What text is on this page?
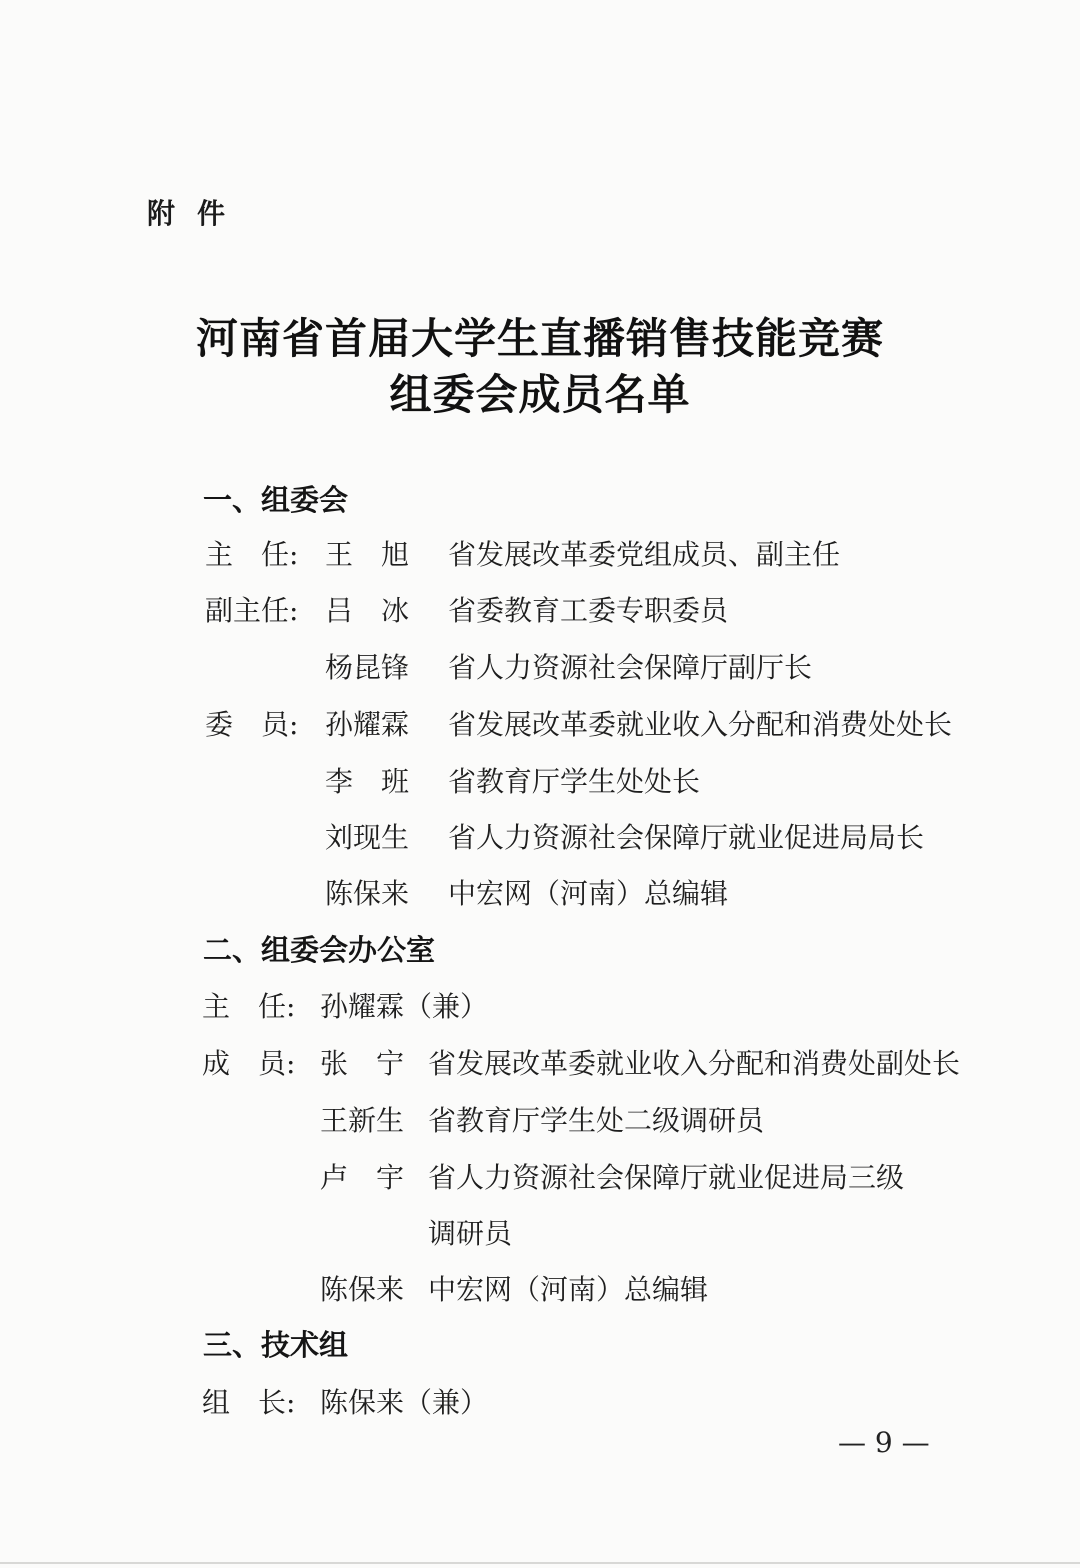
附件
河南省首届大学生直播销售技能竞赛
组委会成员名单
一、组委会
主　任: 王　旭 省发展改革委党组成员、副主任
副主任: 吕　冰 省委教育工委专职委员
杨昆锋 省人力资源社会保障厅副厅长
委　员: 孙耀霖 省发展改革委就业收入分配和消费处处长
李　班 省教育厅学生处处长
刘现生 省人力资源社会保障厅就业促进局局长
陈保来 中宏网（河南）总编辑
二、组委会办公室
主　任: 孙耀霖（兼）
成　员: 张　宁 省发展改革委就业收入分配和消费处副处长
王新生 省教育厅学生处二级调研员
卢　宇 省人力资源社会保障厅就业促进局三级
调研员
陈保来 中宏网（河南）总编辑
三、技术组
组　长: 陈保来（兼）
— 9 —
